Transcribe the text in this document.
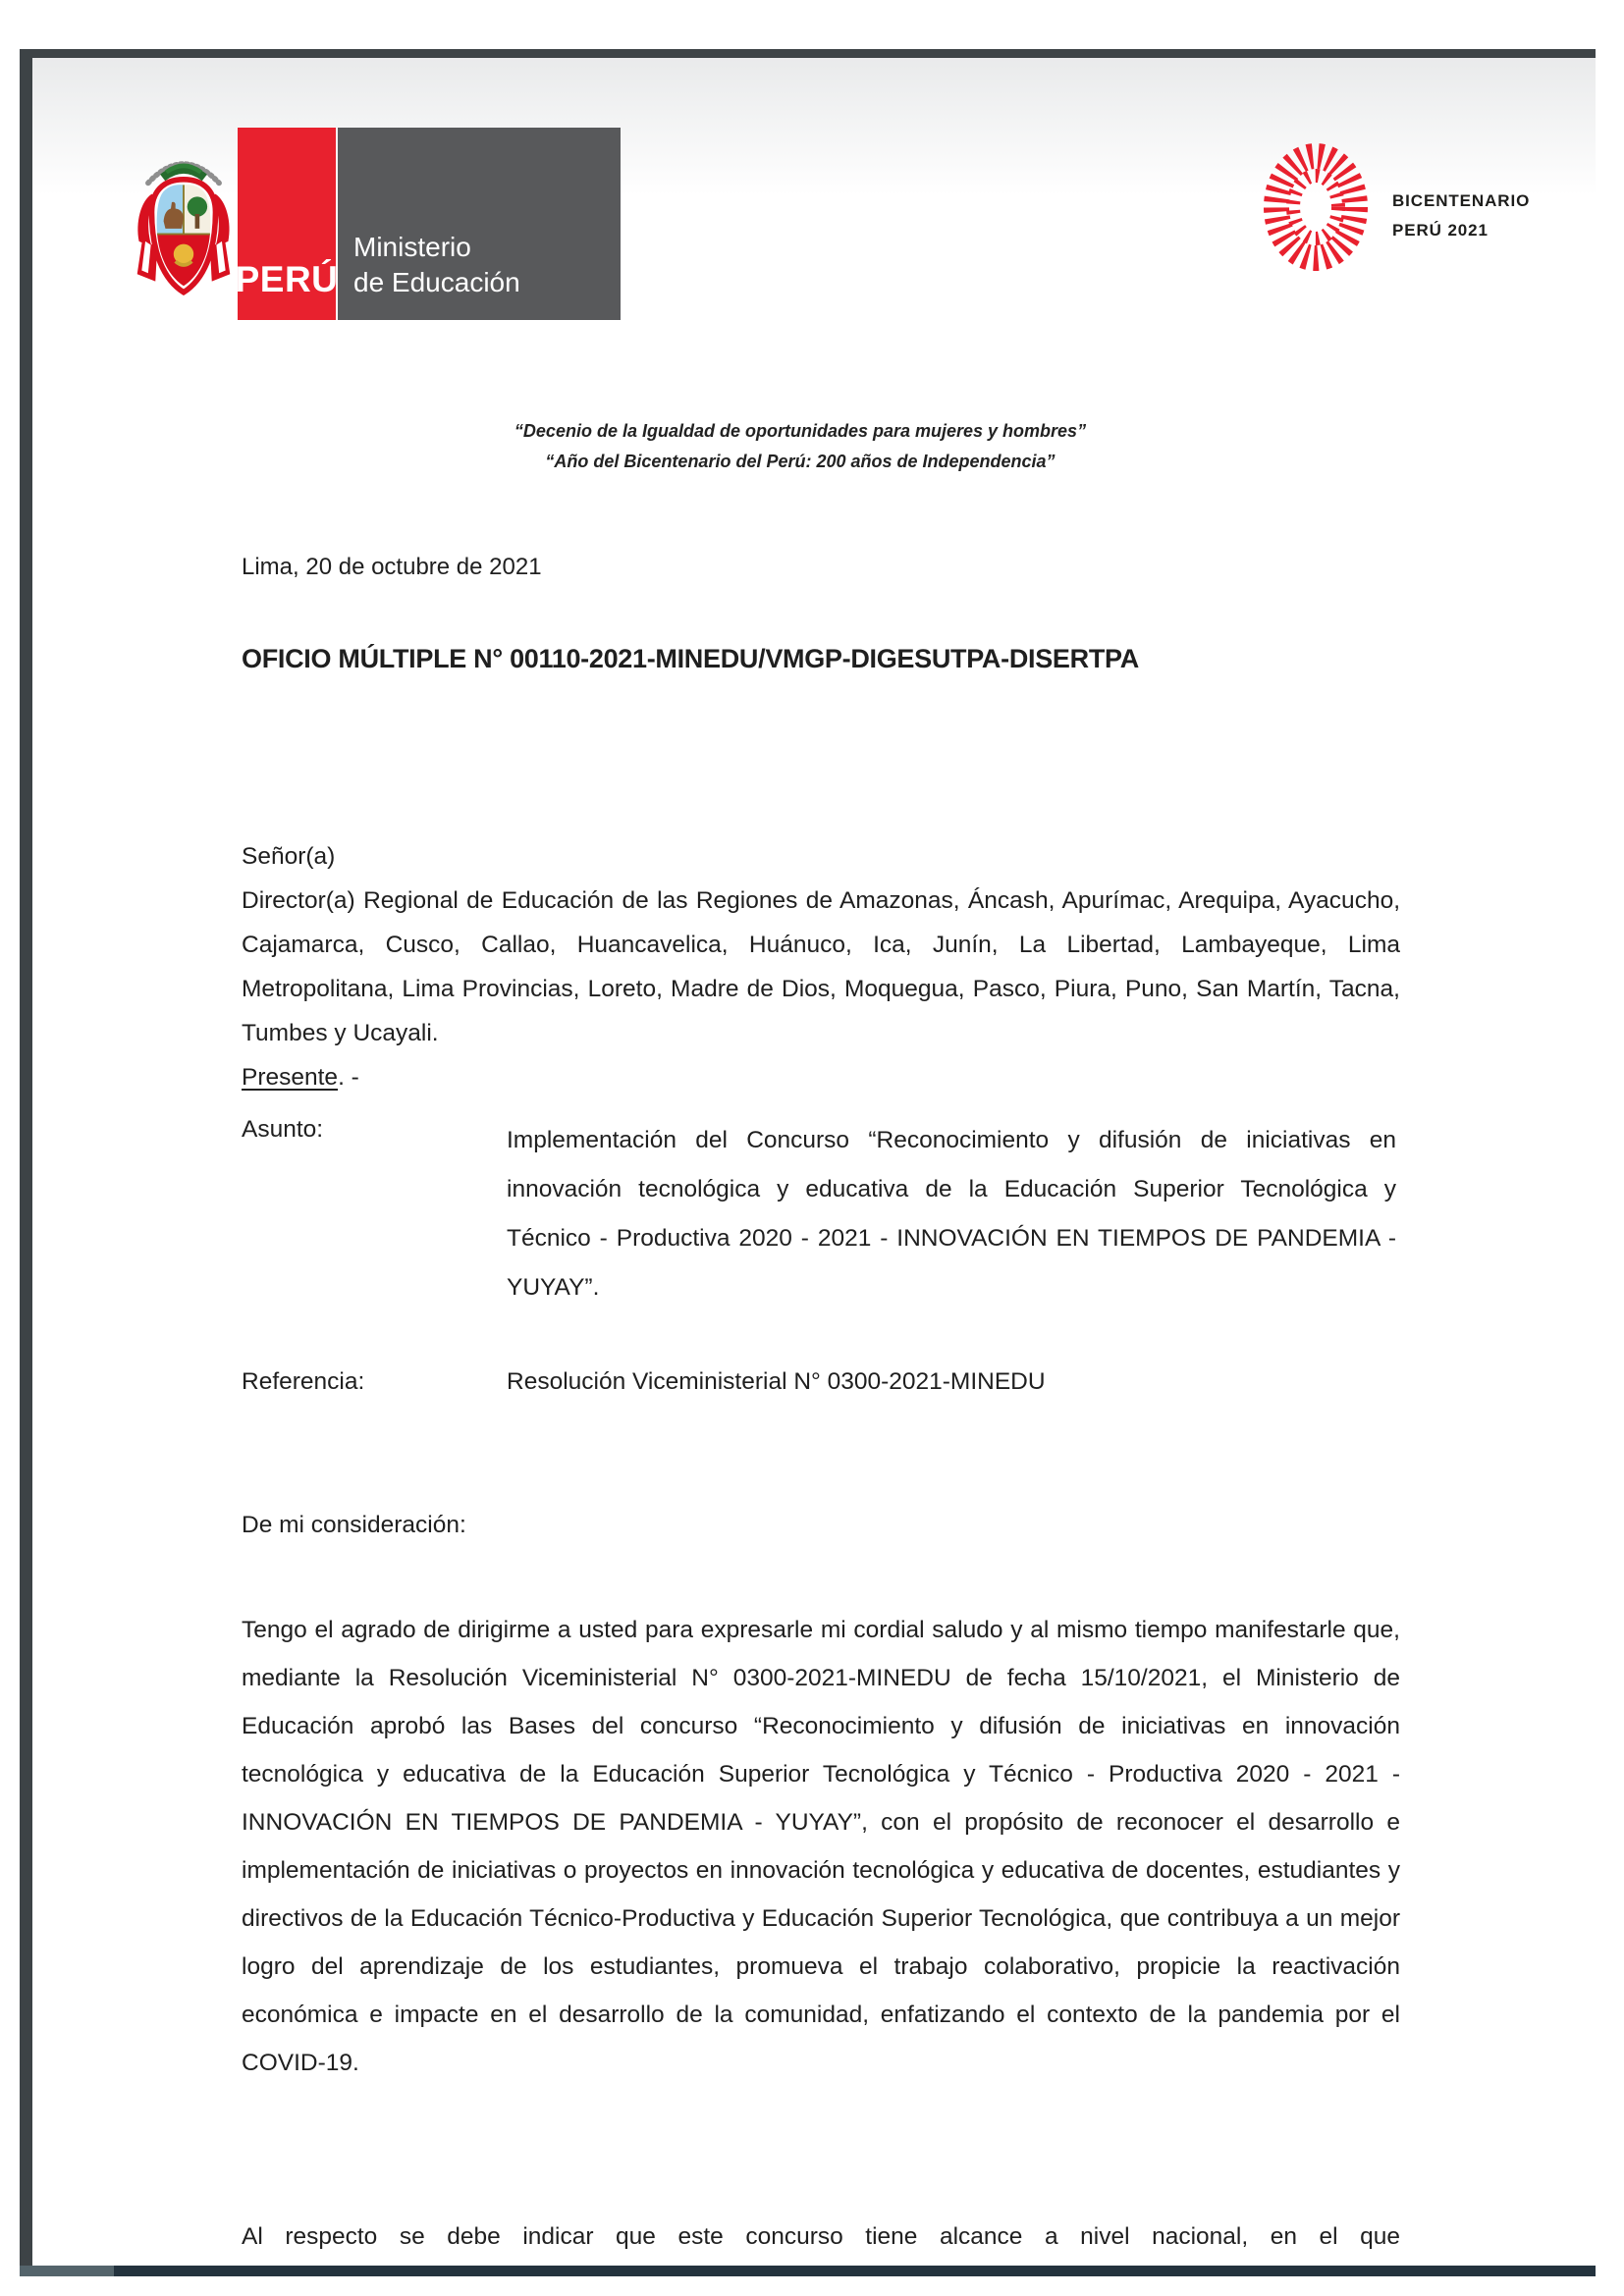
PERÚ
Ministerio
de Educación
BICENTENARIO
PERÚ 2021
“Decenio de la Igualdad de oportunidades para mujeres y hombres”
“Año del Bicentenario del Perú: 200 años de Independencia”
Lima, 20 de octubre de 2021
OFICIO MÚLTIPLE N° 00110-2021-MINEDU/VMGP-DIGESUTPA-DISERTPA
Señor(a)
Director(a) Regional de Educación de las Regiones de Amazonas, Áncash, Apurímac, Arequipa, Ayacucho, Cajamarca, Cusco, Callao, Huancavelica, Huánuco, Ica, Junín, La Libertad, Lambayeque, Lima Metropolitana, Lima Provincias, Loreto, Madre de Dios, Moquegua, Pasco, Piura, Puno, San Martín, Tacna, Tumbes y Ucayali.
Presente. -
Asunto:	Implementación del Concurso “Reconocimiento y difusión de iniciativas en innovación tecnológica y educativa de la Educación Superior Tecnológica y Técnico - Productiva 2020 - 2021 - INNOVACIÓN EN TIEMPOS DE PANDEMIA - YUYAY”.
Referencia:	Resolución Viceministerial N° 0300-2021-MINEDU
De mi consideración:
Tengo el agrado de dirigirme a usted para expresarle mi cordial saludo y al mismo tiempo manifestarle que, mediante la Resolución Viceministerial N° 0300-2021-MINEDU de fecha 15/10/2021, el Ministerio de Educación aprobó las Bases del concurso “Reconocimiento y difusión de iniciativas en innovación tecnológica y educativa de la Educación Superior Tecnológica y Técnico - Productiva 2020 - 2021 - INNOVACIÓN EN TIEMPOS DE PANDEMIA - YUYAY”, con el propósito de reconocer el desarrollo e implementación de iniciativas o proyectos en innovación tecnológica y educativa de docentes, estudiantes y directivos de la Educación Técnico-Productiva y Educación Superior Tecnológica, que contribuya a un mejor logro del aprendizaje de los estudiantes, promueva el trabajo colaborativo, propicie la reactivación económica e impacte en el desarrollo de la comunidad, enfatizando el contexto de la pandemia por el COVID-19.
Al respecto se debe indicar que este concurso tiene alcance a nivel nacional, en el que
